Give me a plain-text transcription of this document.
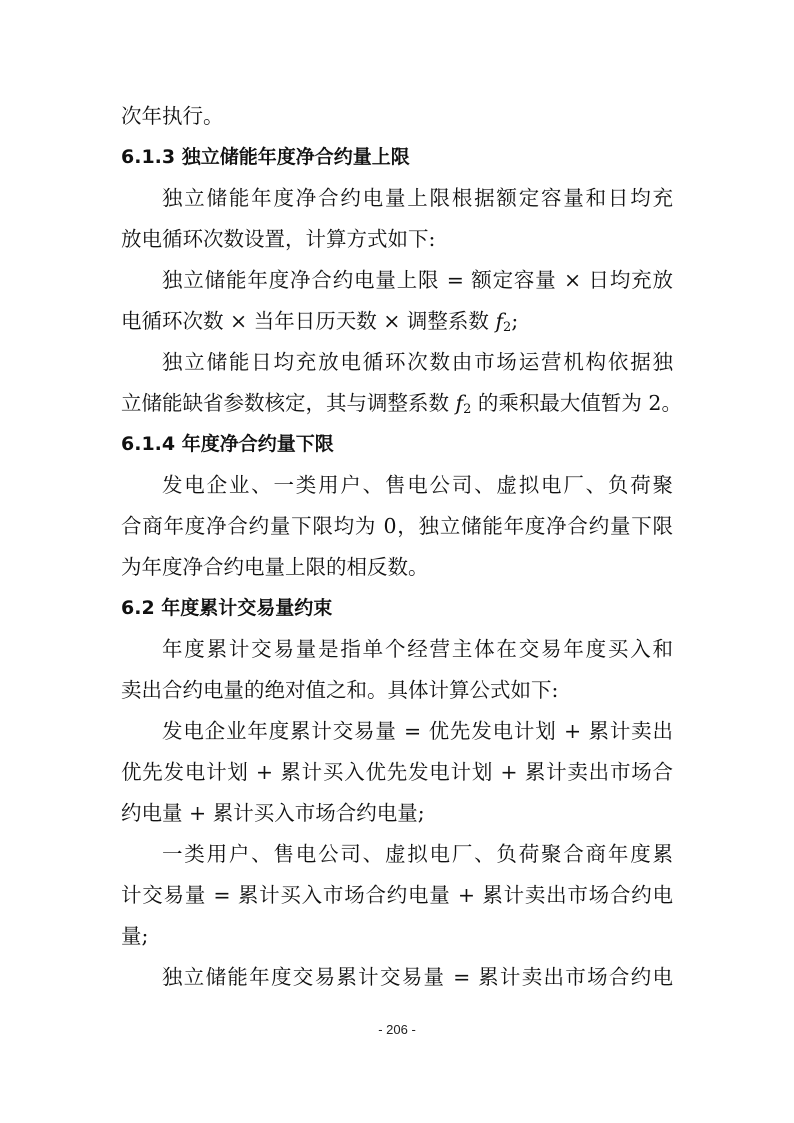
次年执行。
6.1.3 独立储能年度净合约量上限
独立储能年度净合约电量上限根据额定容量和日均充
放电循环次数设置，计算方式如下:
独立储能年度净合约电量上限 = 额定容量 × 日均充放
电循环次数 × 当年日历天数 × 调整系数 $f_2$;
独立储能日均充放电循环次数由市场运营机构依据独
立储能缺省参数核定，其与调整系数 $f_2$ 的乘积最大值暂为 2。
6.1.4 年度净合约量下限
发电企业、一类用户、售电公司、虚拟电厂、负荷聚
合商年度净合约量下限均为 0，独立储能年度净合约量下限
为年度净合约电量上限的相反数。
6.2 年度累计交易量约束
年度累计交易量是指单个经营主体在交易年度买入和
卖出合约电量的绝对值之和。具体计算公式如下:
发电企业年度累计交易量 = 优先发电计划 + 累计卖出
优先发电计划 + 累计买入优先发电计划 + 累计卖出市场合
约电量 + 累计买入市场合约电量;
一类用户、售电公司、虚拟电厂、负荷聚合商年度累
计交易量 = 累计买入市场合约电量 + 累计卖出市场合约电
量;
独立储能年度交易累计交易量 = 累计卖出市场合约电
- 206 -
